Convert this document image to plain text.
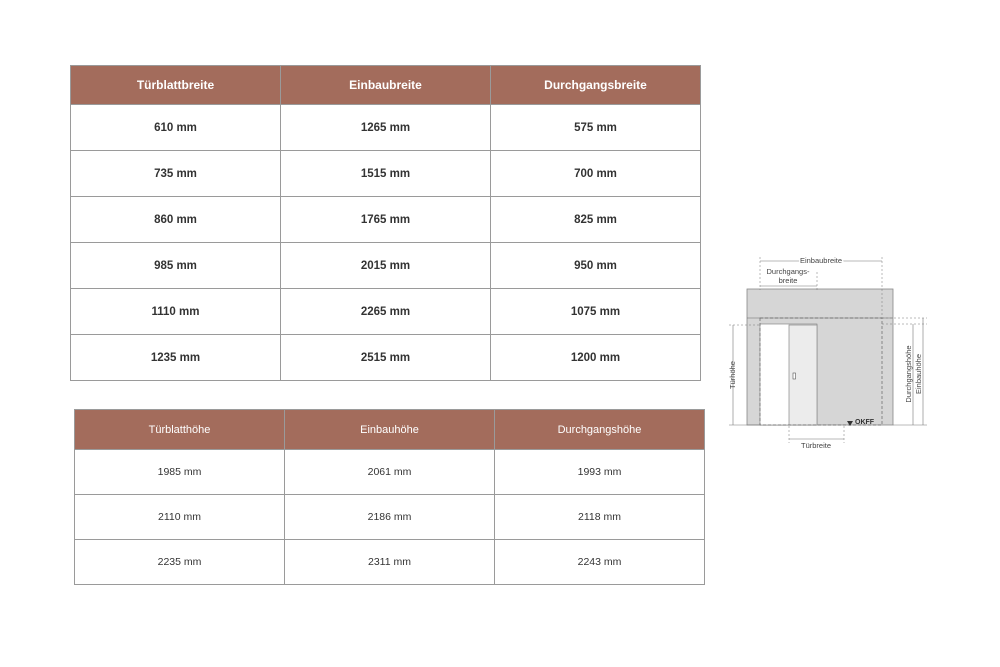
Türblattbreite	Einbaubreite	Durchgangsbreite
610 mm	1265 mm	575 mm
735 mm	1515 mm	700 mm
860 mm	1765 mm	825 mm
985 mm	2015 mm	950 mm
1110 mm	2265 mm	1075 mm
1235 mm	2515 mm	1200 mm
Türblatthöhe	Einbauhöhe	Durchgangshöhe
1985 mm	2061 mm	1993 mm
2110 mm	2186 mm	2118 mm
2235 mm	2311 mm	2243 mm
Einbaubreite
Durchgangs-
breite
Türhöhe	Durchgangshöhe Einbauhöhe
Türbreite
OKFF
